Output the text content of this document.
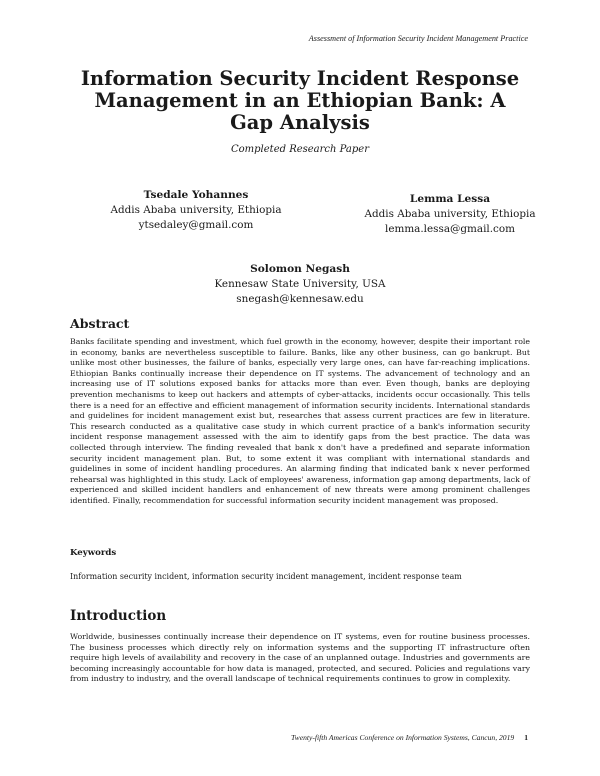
Assessment of Information Security Incident Management Practice
Information Security Incident Response Management in an Ethiopian Bank: A Gap Analysis
Completed Research Paper
Tsedale Yohannes
Addis Ababa university, Ethiopia
ytsedaley@gmail.com
Lemma Lessa
Addis Ababa university, Ethiopia
lemma.lessa@gmail.com
Solomon Negash
Kennesaw State University, USA
snegash@kennesaw.edu
Abstract

Banks facilitate spending and investment, which fuel growth in the economy, however, despite their important role in economy, banks are nevertheless susceptible to failure. Banks, like any other business, can go bankrupt. But unlike most other businesses, the failure of banks, especially very large ones, can have far-reaching implications. Ethiopian Banks continually increase their dependence on IT systems. The advancement of technology and an increasing use of IT solutions exposed banks for attacks more than ever. Even though, banks are deploying prevention mechanisms to keep out hackers and attempts of cyber-attacks, incidents occur occasionally. This tells there is a need for an effective and efficient management of information security incidents. International standards and guidelines for incident management exist but, researches that assess current practices are few in literature. This research conducted as a qualitative case study in which current practice of a bank's information security incident response management assessed with the aim to identify gaps from the best practice. The data was collected through interview. The finding revealed that bank x don't have a predefined and separate information security incident management plan. But, to some extent it was compliant with international standards and guidelines in some of incident handling procedures. An alarming finding that indicated bank x never performed rehearsal was highlighted in this study. Lack of employees' awareness, information gap among departments, lack of experienced and skilled incident handlers and enhancement of new threats were among prominent challenges identified. Finally, recommendation for successful information security incident management was proposed.

Keywords
Information security incident, information security incident management, incident response team
Introduction

Worldwide, businesses continually increase their dependence on IT systems, even for routine business processes. The business processes which directly rely on information systems and the supporting IT infrastructure often require high levels of availability and recovery in the case of an unplanned outage. Industries and governments are becoming increasingly accountable for how data is managed, protected, and secured. Policies and regulations vary from industry to industry, and the overall landscape of technical requirements continues to grow in complexity.

Twenty-fifth Americas Conference on Information Systems, Cancun, 2019 1
